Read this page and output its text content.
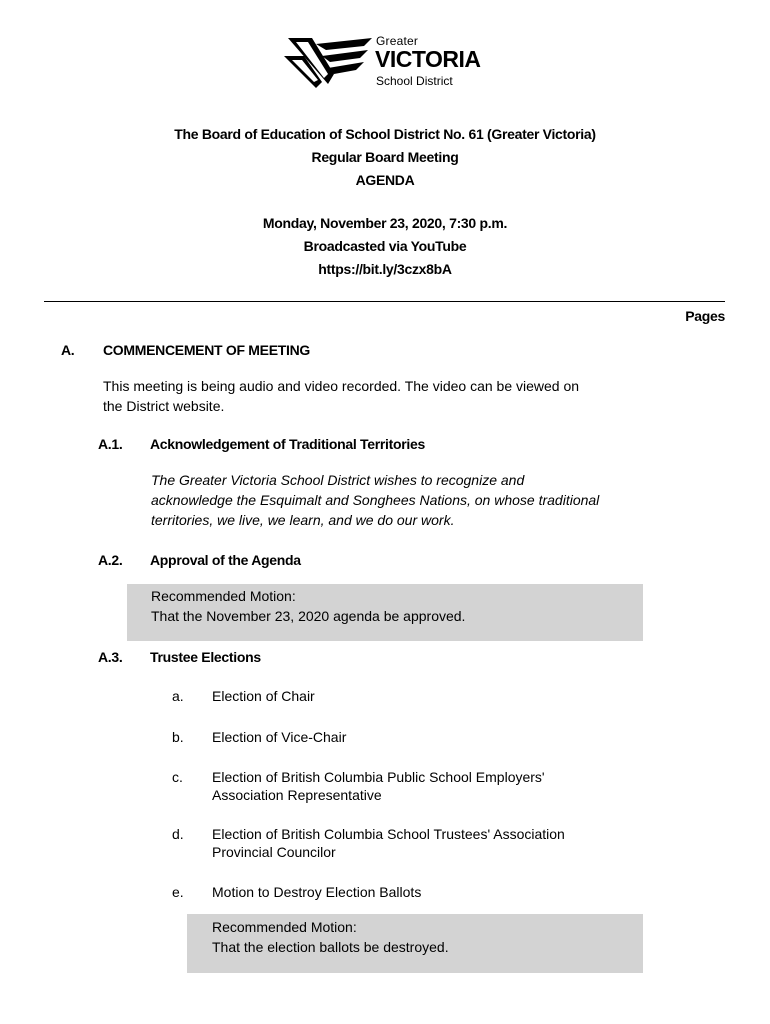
Greater
VICTORIA
School District
The Board of Education of School District No. 61 (Greater Victoria)
Regular Board Meeting
AGENDA
Monday, November 23, 2020, 7:30 p.m.
Broadcasted via YouTube
https://bit.ly/3czx8bA
Pages
A. COMMENCEMENT OF MEETING
This meeting is being audio and video recorded. The video can be viewed on
the District website.
A.1. Acknowledgement of Traditional Territories
The Greater Victoria School District wishes to recognize and
acknowledge the Esquimalt and Songhees Nations, on whose traditional
territories, we live, we learn, and we do our work.
A.2. Approval of the Agenda
Recommended Motion:
That the November 23, 2020 agenda be approved.
A.3. Trustee Elections
a. Election of Chair
b. Election of Vice-Chair
c. Election of British Columbia Public School Employers'
Association Representative
d. Election of British Columbia School Trustees' Association
Provincial Councilor
e. Motion to Destroy Election Ballots
Recommended Motion:
That the election ballots be destroyed.
